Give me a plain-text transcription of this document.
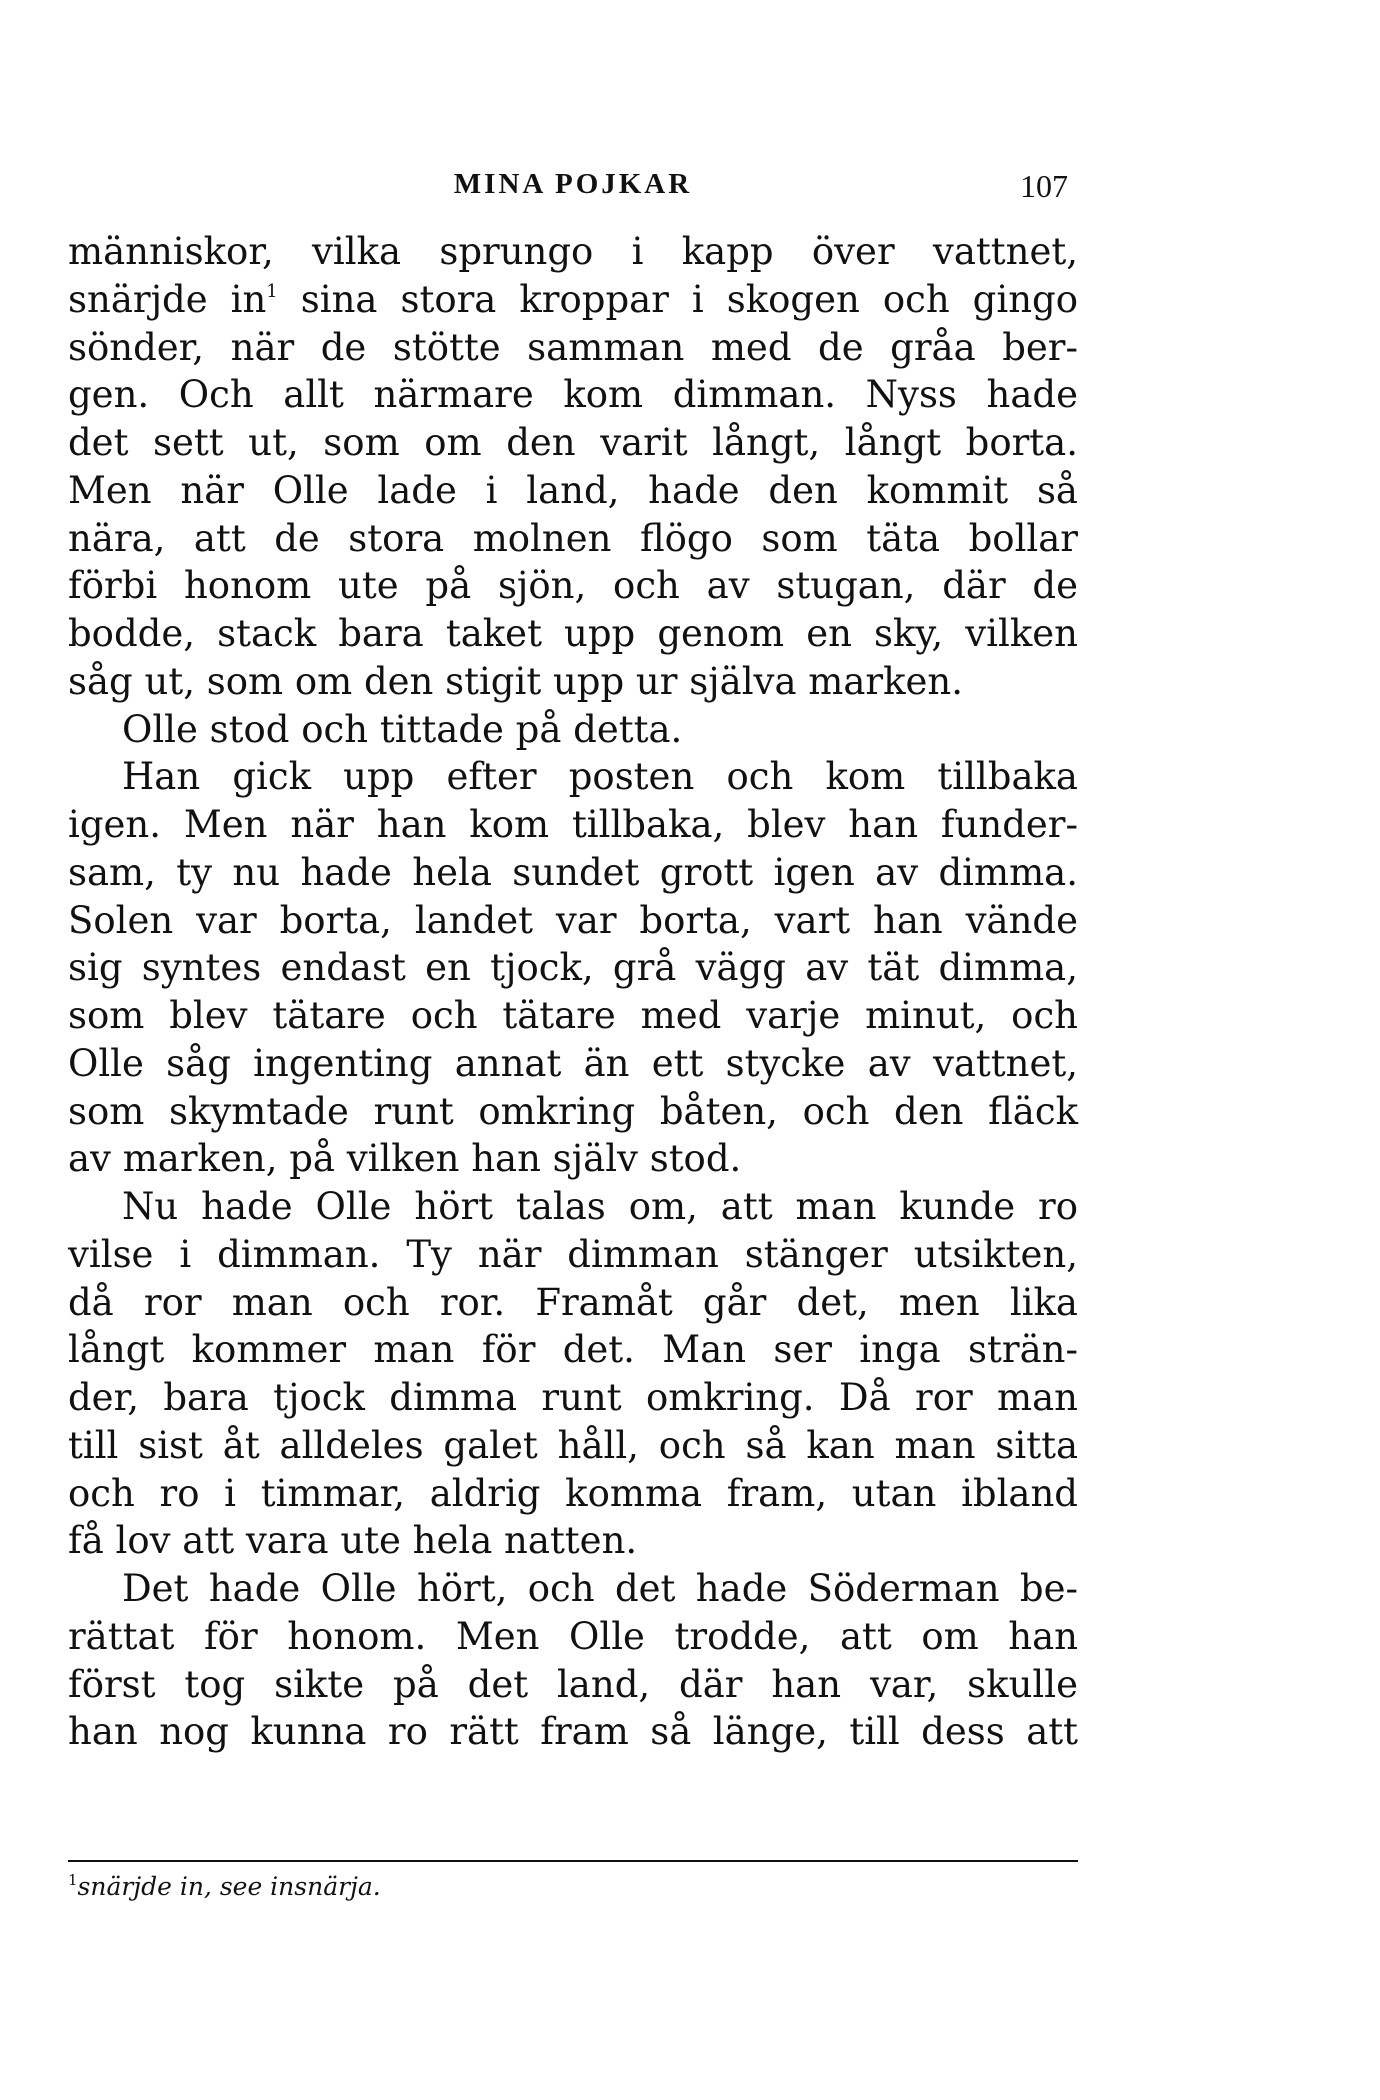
MINA POJKAR	107
människor, vilka sprungo i kapp över vattnet,
snärjde in$^1$ sina stora kroppar i skogen och gingo
sönder, när de stötte samman med de gråa ber-
gen. Och allt närmare kom dimman. Nyss hade
det sett ut, som om den varit långt, långt borta.
Men när Olle lade i land, hade den kommit så
nära, att de stora molnen flögo som täta bollar
förbi honom ute på sjön, och av stugan, där de
bodde, stack bara taket upp genom en sky, vilken
såg ut, som om den stigit upp ur själva marken.
Olle stod och tittade på detta.
Han gick upp efter posten och kom tillbaka
igen. Men när han kom tillbaka, blev han funder-
sam, ty nu hade hela sundet grott igen av dimma.
Solen var borta, landet var borta, vart han vände
sig syntes endast en tjock, grå vägg av tät dimma,
som blev tätare och tätare med varje minut, och
Olle såg ingenting annat än ett stycke av vattnet,
som skymtade runt omkring båten, och den fläck
av marken, på vilken han själv stod.
Nu hade Olle hört talas om, att man kunde ro
vilse i dimman. Ty när dimman stänger utsikten,
då ror man och ror. Framåt går det, men lika
långt kommer man för det. Man ser inga strän-
der, bara tjock dimma runt omkring. Då ror man
till sist åt alldeles galet håll, och så kan man sitta
och ro i timmar, aldrig komma fram, utan ibland
få lov att vara ute hela natten.
Det hade Olle hört, och det hade Söderman be-
rättat för honom. Men Olle trodde, att om han
först tog sikte på det land, där han var, skulle
han nog kunna ro rätt fram så länge, till dess att
$^1$snärjde in, see insnärja.
